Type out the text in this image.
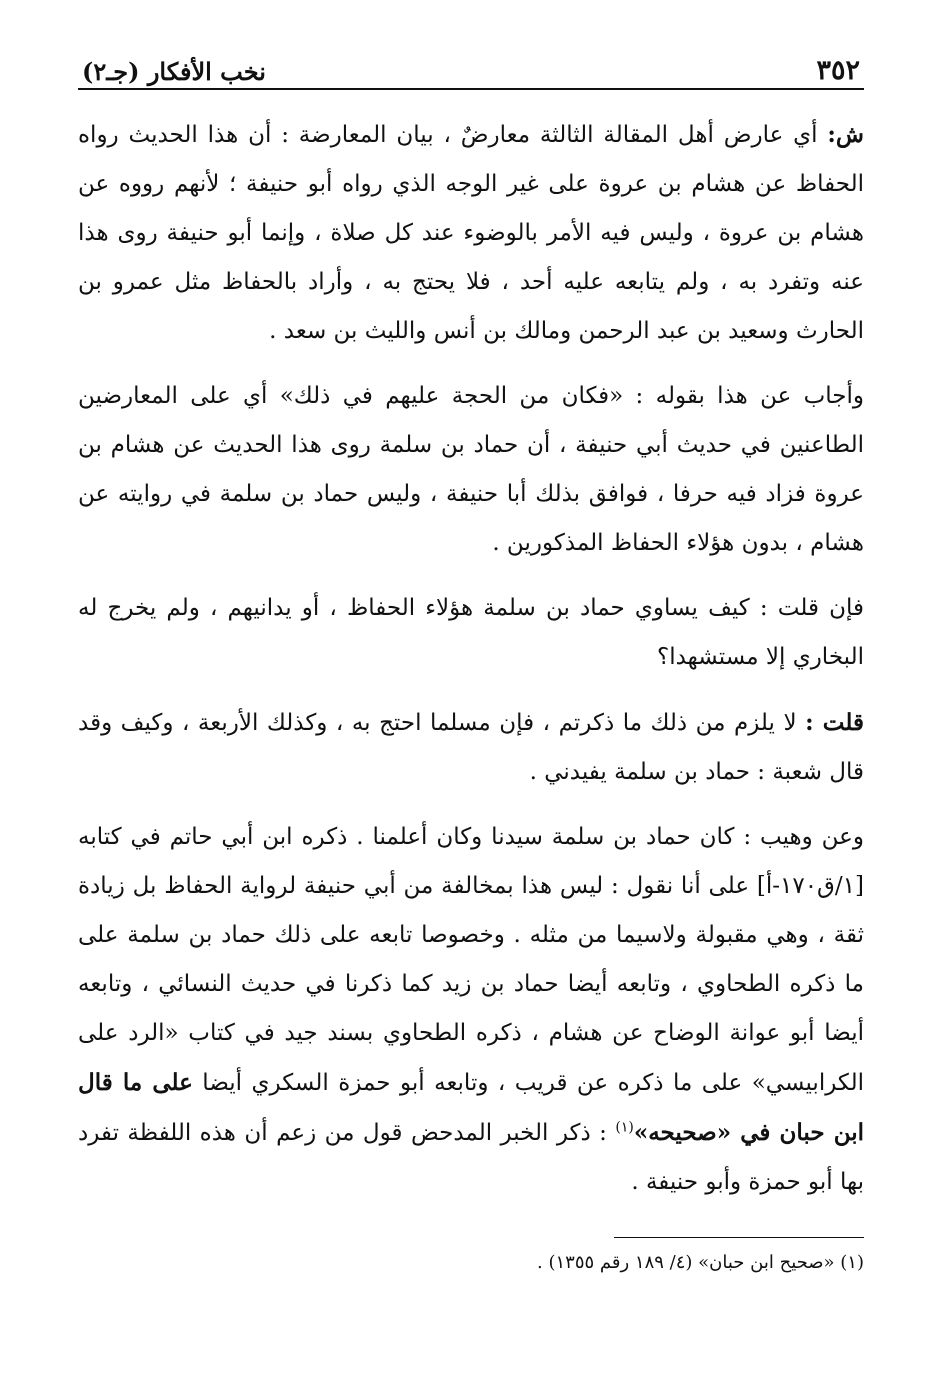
٣٥٢
نخب الأفكار (جـ٢)

ش: أي عارض أهل المقالة الثالثة معارضٌ ، بيان المعارضة : أن هذا الحديث رواه الحفاظ عن هشام بن عروة على غير الوجه الذي رواه أبو حنيفة ؛ لأنهم رووه عن هشام بن عروة ، وليس فيه الأمر بالوضوء عند كل صلاة ، وإنما أبو حنيفة روى هذا عنه وتفرد به ، ولم يتابعه عليه أحد ، فلا يحتج به ، وأراد بالحفاظ مثل عمرو بن الحارث وسعيد بن عبد الرحمن ومالك بن أنس والليث بن سعد .

وأجاب عن هذا بقوله : «فكان من الحجة عليهم في ذلك» أي على المعارضين الطاعنين في حديث أبي حنيفة ، أن حماد بن سلمة روى هذا الحديث عن هشام بن عروة فزاد فيه حرفا ، فوافق بذلك أبا حنيفة ، وليس حماد بن سلمة في روايته عن هشام ، بدون هؤلاء الحفاظ المذكورين .

فإن قلت : كيف يساوي حماد بن سلمة هؤلاء الحفاظ ، أو يدانيهم ، ولم يخرج له البخاري إلا مستشهدا؟

قلت : لا يلزم من ذلك ما ذكرتم ، فإن مسلما احتج به ، وكذلك الأربعة ، وكيف وقد قال شعبة : حماد بن سلمة يفيدني .

وعن وهيب : كان حماد بن سلمة سيدنا وكان أعلمنا . ذكره ابن أبي حاتم في كتابه [١/ق١٧٠-أ] على أنا نقول : ليس هذا بمخالفة من أبي حنيفة لرواية الحفاظ بل زيادة ثقة ، وهي مقبولة ولاسيما من مثله . وخصوصا تابعه على ذلك حماد بن سلمة على ما ذكره الطحاوي ، وتابعه أيضا حماد بن زيد كما ذكرنا في حديث النسائي ، وتابعه أيضا أبو عوانة الوضاح عن هشام ، ذكره الطحاوي بسند جيد في كتاب «الرد على الكرابيسي» على ما ذكره عن قريب ، وتابعه أبو حمزة السكري أيضا على ما قال ابن حبان في «صحيحه»$^{(١)}$ : ذكر الخبر المدحض قول من زعم أن هذه اللفظة تفرد بها أبو حمزة وأبو حنيفة .

(١) «صحيح ابن حبان» (٤/ ١٨٩ رقم ١٣٥٥) .
